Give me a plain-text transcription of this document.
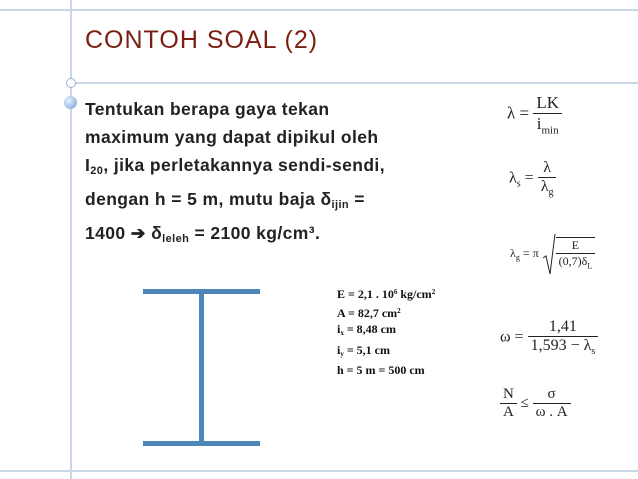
CONTOH SOAL (2)
Tentukan berapa gaya tekan
maximum yang dapat dipikul oleh
$I_{20}$, jika perletakannya sendi-sendi,
dengan h = 5 m, mutu baja $\delta_{ijin}$ =
1400 ➔ $\delta_{leleh} = 2100$ kg/cm³.
E = 2,1 . $10^6$ $kg/cm^2$
A = 82,7 $cm^2$
$i_x = 8,48$ cm
$i_y = 5,1$ cm
h = 5 m = 500 cm
$\lambda = \frac{LK}{i_{min}}$
$\lambda_s = \frac{\lambda}{\lambda_g}$
$\lambda_g = \pi \frac{E}{(0,7)\delta_L}$
$\omega = \frac{1,41}{1,593 - \lambda_s}$
$\frac{N}{A} \le \frac{\sigma}{\omega . A}$
